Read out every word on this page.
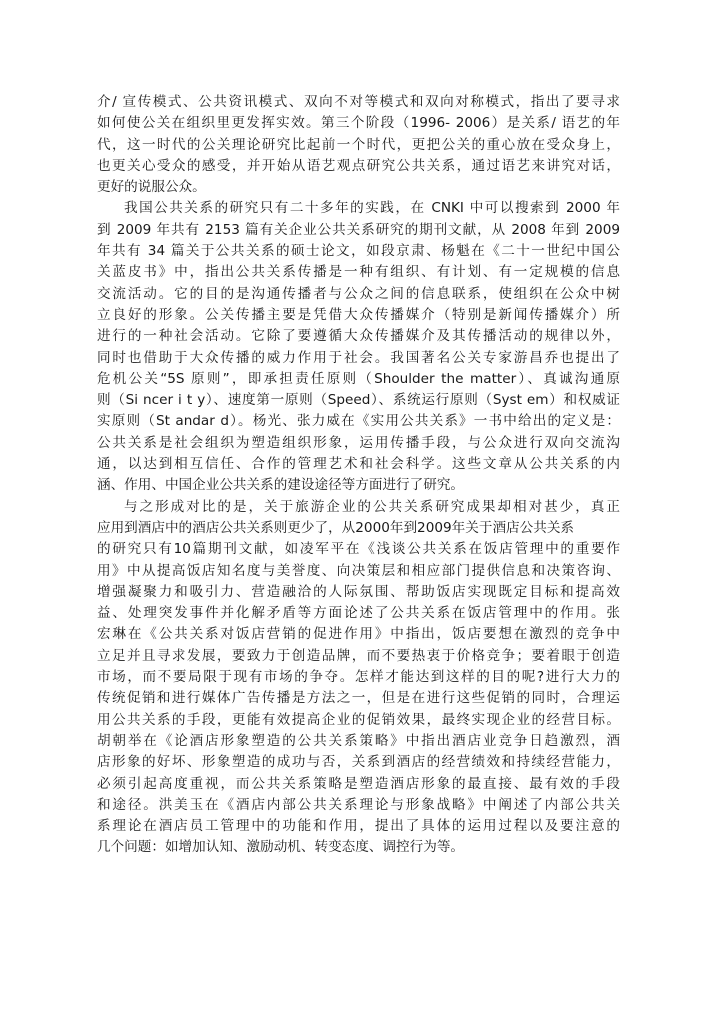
介/ 宣传模式、公共资讯模式、双向不对等模式和双向对称模式，指出了要寻求
如何使公关在组织里更发挥实效。第三个阶段（1996- 2006）是关系/ 语艺的年
代，这一时代的公关理论研究比起前一个时代，更把公关的重心放在受众身上，
也更关心受众的感受，并开始从语艺观点研究公共关系，通过语艺来讲究对话，
更好的说服公众。
我国公共关系的研究只有二十多年的实践，在 CNKI 中可以搜索到 2000 年
到 2009 年共有 2153 篇有关企业公共关系研究的期刊文献，从 2008 年到 2009
年共有 34 篇关于公共关系的硕士论文，如段京肃、杨魁在《二十一世纪中国公
关蓝皮书》中，指出公共关系传播是一种有组织、有计划、有一定规模的信息
交流活动。它的目的是沟通传播者与公众之间的信息联系，使组织在公众中树
立良好的形象。公关传播主要是凭借大众传播媒介（特别是新闻传播媒介）所
进行的一种社会活动。它除了要遵循大众传播媒介及其传播活动的规律以外，
同时也借助于大众传播的威力作用于社会。我国著名公关专家游昌乔也提出了
危机公关“5S 原则”，即承担责任原则（Shoulder the matter）、真诚沟通原
则（Si ncer i t y）、速度第一原则（Speed）、系统运行原则（Syst em）和权威证
实原则（St andar d）。杨光、张力威在《实用公共关系》一书中给出的定义是：
公共关系是社会组织为塑造组织形象，运用传播手段，与公众进行双向交流沟
通，以达到相互信任、合作的管理艺术和社会科学。这些文章从公共关系的内
涵、作用、中国企业公共关系的建设途径等方面进行了研究。
与之形成对比的是，关于旅游企业的公共关系研究成果却相对甚少，真正
应用到酒店中的酒店公共关系则更少了，从2000年到2009年关于酒店公共关系
的研究只有10篇期刊文献，如凌军平在《浅谈公共关系在饭店管理中的重要作
用》中从提高饭店知名度与美誉度、向决策层和相应部门提供信息和决策咨询、
增强凝聚力和吸引力、营造融洽的人际氛围、帮助饭店实现既定目标和提高效
益、处理突发事件并化解矛盾等方面论述了公共关系在饭店管理中的作用。张
宏琳在《公共关系对饭店营销的促进作用》中指出，饭店要想在激烈的竞争中
立足并且寻求发展，要致力于创造品牌，而不要热衷于价格竞争；要着眼于创造
市场，而不要局限于现有市场的争夺。怎样才能达到这样的目的呢?进行大力的
传统促销和进行媒体广告传播是方法之一，但是在进行这些促销的同时，合理运
用公共关系的手段，更能有效提高企业的促销效果，最终实现企业的经营目标。
胡朝举在《论酒店形象塑造的公共关系策略》中指出酒店业竞争日趋激烈，酒
店形象的好坏、形象塑造的成功与否，关系到酒店的经营绩效和持续经营能力，
必须引起高度重视，而公共关系策略是塑造酒店形象的最直接、最有效的手段
和途径。洪美玉在《酒店内部公共关系理论与形象战略》中阐述了内部公共关
系理论在酒店员工管理中的功能和作用，提出了具体的运用过程以及要注意的
几个问题：如增加认知、激励动机、转变态度、调控行为等。
